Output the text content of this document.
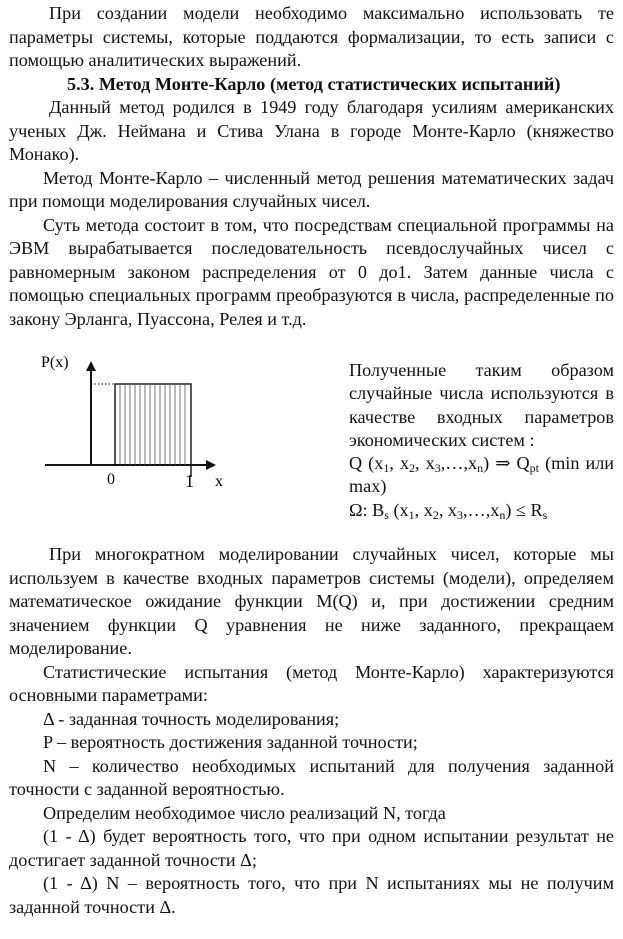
При создании модели необходимо максимально использовать те параметры системы, которые поддаются формализации, то есть записи с помощью аналитических выражений.

5.3. Метод Монте-Карло (метод статистических испытаний)

Данный метод родился в 1949 году благодаря усилиям американских ученых Дж. Неймана и Стива Улана в городе Монте-Карло (княжество Монако).

Метод Монте-Карло – численный метод решения математических задач при помощи моделирования случайных чисел.

Суть метода состоит в том, что посредствам специальной программы на ЭВМ вырабатывается последовательность псевдослучайных чисел с равномерным законом распределения от 0 до1. Затем данные числа с помощью специальных программ преобразуются в числа, распределенные по закону Эрланга, Пуассона, Релея и т.д.

P(x)
0	1 x

Полученные таким образом случайные числа используются в качестве входных параметров экономических систем :

Q ($x_1$, $x_2$, $x_3,\dots,x_n$) ⇒ $Q_{pt}$ (min или max)

Ω: $B_s$ ($x_1$, $x_2$, $x_3,\dots,x_n) \le R_s$

При многократном моделировании случайных чисел, которые мы используем в качестве входных параметров системы (модели), определяем математическое ожидание функции M(Q) и, при достижении средним значением функции Q уравнения не ниже заданного, прекращаем моделирование.

Статистические испытания (метод Монте-Карло) характеризуются основными параметрами:

Δ - заданная точность моделирования;

P – вероятность достижения заданной точности;

N – количество необходимых испытаний для получения заданной точности с заданной вероятностью.

Определим необходимое число реализаций N, тогда

(1 - Δ) будет вероятность того, что при одном испытании результат не достигает заданной точности Δ;

(1 - Δ) N – вероятность того, что при N испытаниях мы не получим заданной точности Δ.
